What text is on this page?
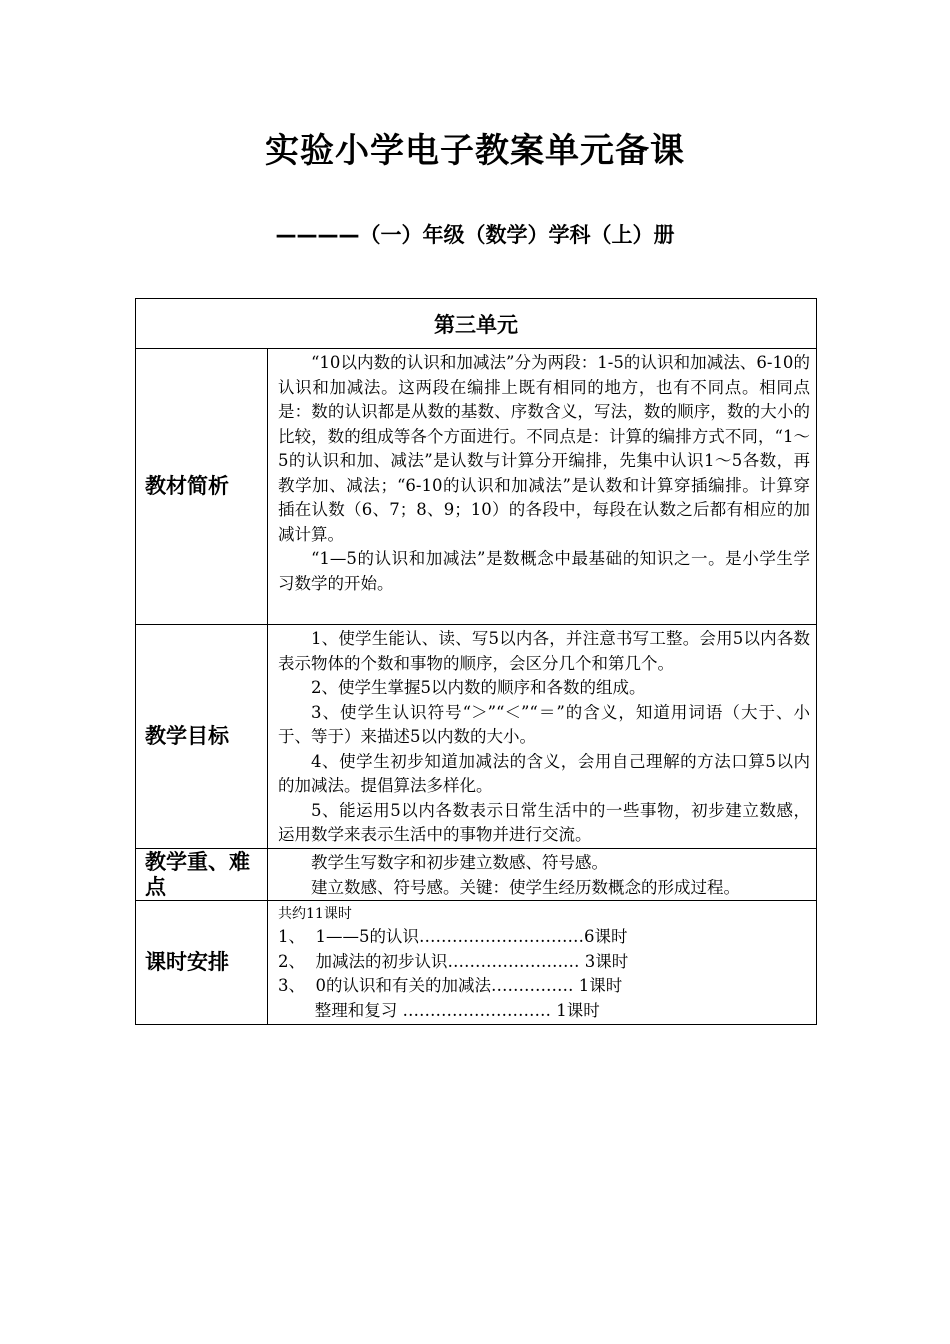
实验小学电子教案单元备课
————（一）年级（数学）学科（上）册
第三单元	
教材简析	“10以内数的认识和加减法”分为两段：1-5的认识和加减法、6-10的认识和加减法。这两段在编排上既有相同的地方，也有不同点。相同点是：数的认识都是从数的基数、序数含义，写法，数的顺序，数的大小的比较，数的组成等各个方面进行。不同点是：计算的编排方式不同，“1～5的认识和加、减法”是认数与计算分开编排，先集中认识1～5各数，再教学加、减法；“6-10的认识和加减法”是认数和计算穿插编排。计算穿插在认数（6、7；8、9；10）的各段中，每段在认数之后都有相应的加减计算。

“1—5的认识和加减法”是数概念中最基础的知识之一。是小学生学习数学的开始。

教学目标	1、使学生能认、读、写5以内各，并注意书写工整。会用5以内各数表示物体的个数和事物的顺序，会区分几个和第几个。

2、使学生掌握5以内数的顺序和各数的组成。

3、使学生认识符号“＞”“＜”“＝”的含义，知道用词语（大于、小于、等于）来描述5以内数的大小。

4、使学生初步知道加减法的含义，会用自己理解的方法口算5以内的加减法。提倡算法多样化。

5、能运用5以内各数表示日常生活中的一些事物，初步建立数感，运用数学来表示生活中的事物并进行交流。

教学重、难点	教学生写数字和初步建立数感、符号感。

建立数感、符号感。关键：使学生经历数概念的形成过程。

课时安排	共约11课时

1、  1——5的认识…………………………6课时

2、  加减法的初步认识…………………… 3课时

3、  0的认识和有关的加减法…………… 1课时

整理和复习 ……………………… 1课时
